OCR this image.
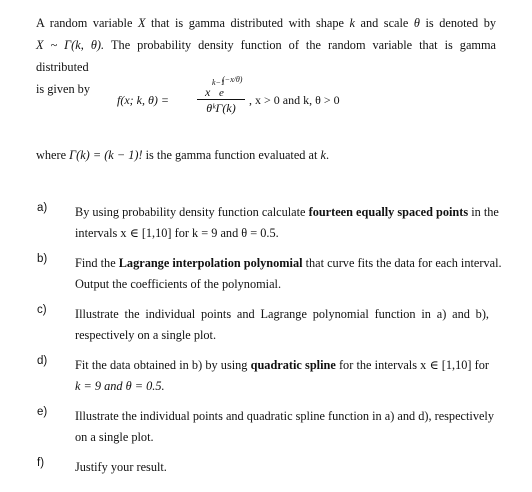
A random variable X that is gamma distributed with shape k and scale θ is denoted by
X ~ Γ(k, θ). The probability density function of the random variable that is gamma distributed
is given by
f(x; k, θ) =
x
k−1
e
(−x/θ)
θᵏΓ(k)
, x > 0 and k, θ > 0
where Γ(k) = (k − 1)! is the gamma function evaluated at k.
a) By using probability density function calculate fourteen equally spaced points in the
intervals x ∈ [1,10] for k = 9 and θ = 0.5.
b) Find the Lagrange interpolation polynomial that curve fits the data for each interval.
Output the coefficients of the polynomial.
c) Illustrate the individual points and Lagrange polynomial function in a) and b),
respectively on a single plot.
d) Fit the data obtained in b) by using quadratic spline for the intervals x ∈ [1,10] for
k = 9 and θ = 0.5.
e) Illustrate the individual points and quadratic spline function in a) and d), respectively
on a single plot.
f)	Justify your result.
